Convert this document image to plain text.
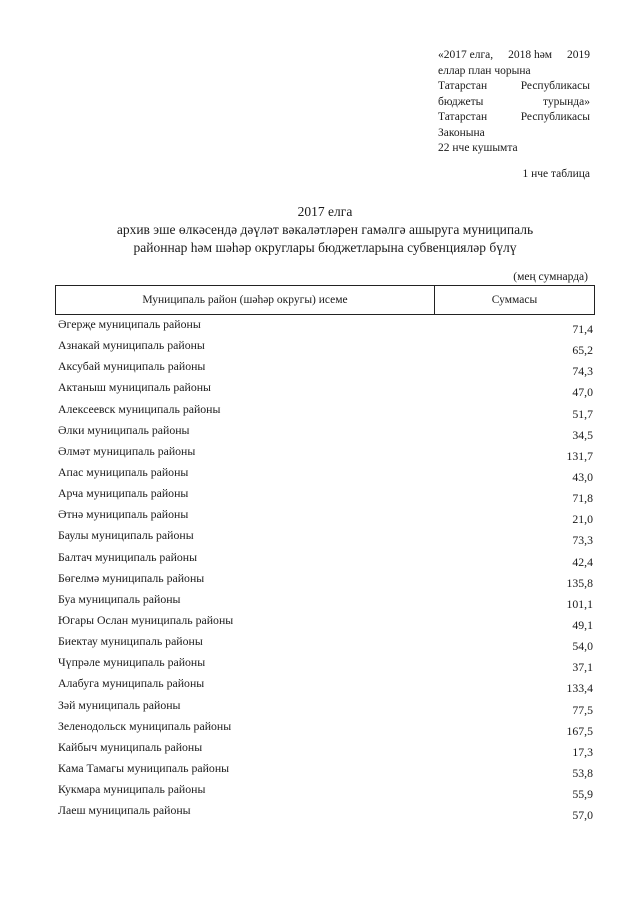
«2017 елга, 2018 һәм 2019
еллар план чорына
Татарстан	Республикасы
бюджеты	турында»
Татарстан	Республикасы
Законына
22 нче кушымта
1 нче таблица
2017 елга
архив эше өлкәсендә дәүләт вәкаләтләрен гамәлгә ашыруга муниципаль
районнар һәм шәһәр округлары бюджетларына субвенцияләр бүлү
(мең сумнарда)
Муниципаль район (шәһәр округы) исеме	Суммасы
Әгерҗе муниципаль районы	71,4
Азнакай муниципаль районы	65,2
Аксубай муниципаль районы	74,3
Актаныш муниципаль районы	47,0
Алексеевск муниципаль районы	51,7
Әлки муниципаль районы	34,5
Әлмәт муниципаль районы	131,7
Апас муниципаль районы	43,0
Арча муниципаль районы	71,8
Әтнә муниципаль районы	21,0
Баулы муниципаль районы	73,3
Балтач муниципаль районы	42,4
Бөгелмә муниципаль районы	135,8
Буа муниципаль районы	101,1
Югары Ослан муниципаль районы	49,1
Биектау муниципаль районы	54,0
Чүпрәле муниципаль районы	37,1
Алабуга муниципаль районы	133,4
Зәй муниципаль районы	77,5
Зеленодольск муниципаль районы	167,5
Кайбыч муниципаль районы	17,3
Кама Тамагы муниципаль районы	53,8
Кукмара муниципаль районы	55,9
Лаеш муниципаль районы	57,0
